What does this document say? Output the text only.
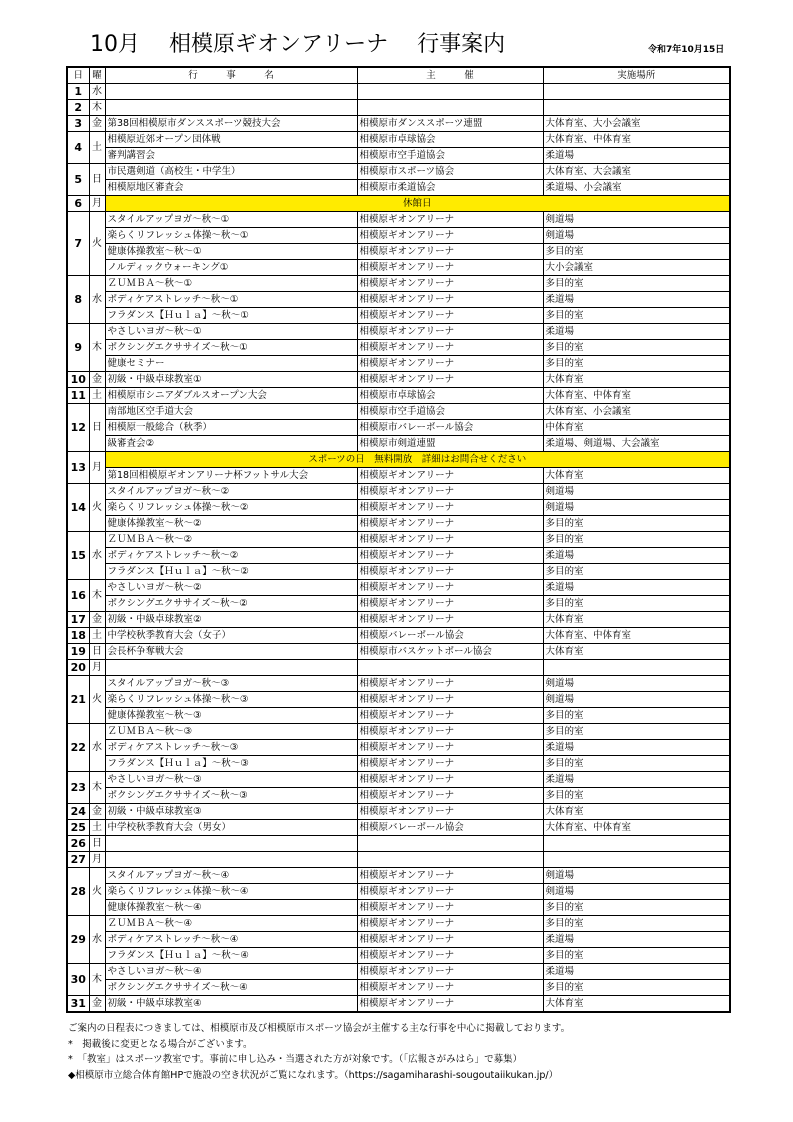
10月 相模原ギオンアリーナ 行事案内	令和7年10月15日
日	曜	行　　　事　　　名	主　　　催	実施場所
1	水			
2	木			
3	金	第38回相模原市ダンススポーツ競技大会	相模原市ダンススポーツ連盟	大体育室、大小会議室
4	土	相模原近郊オープン団体戦	相模原市卓球協会	大体育室、中体育室
		審判講習会	相模原市空手道協会	柔道場
5	日	市民選剣道（高校生・中学生）	相模原市スポーツ協会	大体育室、大会議室
		相模原地区審査会	相模原市柔道協会	柔道場、小会議室
6	月	休館日		
7	火	スタイルアップヨガ～秋～①	相模原ギオンアリーナ	剣道場
		楽らくリフレッシュ体操～秋～①	相模原ギオンアリーナ	剣道場
		健康体操教室～秋～①	相模原ギオンアリーナ	多目的室
		ノルディックウォーキング①	相模原ギオンアリーナ	大小会議室
8	水	ＺＵＭＢＡ～秋～①	相模原ギオンアリーナ	多目的室
		ボディケアストレッチ～秋～①	相模原ギオンアリーナ	柔道場
		フラダンス【Ｈｕｌａ】～秋～①	相模原ギオンアリーナ	多目的室
9	木	やさしいヨガ～秋～①	相模原ギオンアリーナ	柔道場
		ボクシングエクササイズ～秋～①	相模原ギオンアリーナ	多目的室
		健康セミナー	相模原ギオンアリーナ	多目的室
10	金	初級・中級卓球教室①	相模原ギオンアリーナ	大体育室
11	土	相模原市シニアダブルスオープン大会	相模原市卓球協会	大体育室、中体育室
12	日	南部地区空手道大会	相模原市空手道協会	大体育室、小会議室
		相模原一般総合（秋季）	相模原市バレーボール協会	中体育室
		級審査会②	相模原市剣道連盟	柔道場、剣道場、大会議室
13	月	スポーツの日　無料開放　詳細はお問合せください		
		第18回相模原ギオンアリーナ杯フットサル大会	相模原ギオンアリーナ	大体育室
14	火	スタイルアップヨガ～秋～②	相模原ギオンアリーナ	剣道場
		楽らくリフレッシュ体操～秋～②	相模原ギオンアリーナ	剣道場
		健康体操教室～秋～②	相模原ギオンアリーナ	多目的室
15	水	ＺＵＭＢＡ～秋～②	相模原ギオンアリーナ	多目的室
		ボディケアストレッチ～秋～②	相模原ギオンアリーナ	柔道場
		フラダンス【Ｈｕｌａ】～秋～②	相模原ギオンアリーナ	多目的室
16	木	やさしいヨガ～秋～②	相模原ギオンアリーナ	柔道場
		ボクシングエクササイズ～秋～②	相模原ギオンアリーナ	多目的室
17	金	初級・中級卓球教室②	相模原ギオンアリーナ	大体育室
18	土	中学校秋季教育大会（女子）	相模原バレーボール協会	大体育室、中体育室
19	日	会長杯争奪戦大会	相模原市バスケットボール協会	大体育室
20	月			
21	火	スタイルアップヨガ～秋～③	相模原ギオンアリーナ	剣道場
		楽らくリフレッシュ体操～秋～③	相模原ギオンアリーナ	剣道場
		健康体操教室～秋～③	相模原ギオンアリーナ	多目的室
22	水	ＺＵＭＢＡ～秋～③	相模原ギオンアリーナ	多目的室
		ボディケアストレッチ～秋～③	相模原ギオンアリーナ	柔道場
		フラダンス【Ｈｕｌａ】～秋～③	相模原ギオンアリーナ	多目的室
23	木	やさしいヨガ～秋～③	相模原ギオンアリーナ	柔道場
		ボクシングエクササイズ～秋～③	相模原ギオンアリーナ	多目的室
24	金	初級・中級卓球教室③	相模原ギオンアリーナ	大体育室
25	土	中学校秋季教育大会（男女）	相模原バレーボール協会	大体育室、中体育室
26	日			
27	月			
28	火	スタイルアップヨガ～秋～④	相模原ギオンアリーナ	剣道場
		楽らくリフレッシュ体操～秋～④	相模原ギオンアリーナ	剣道場
		健康体操教室～秋～④	相模原ギオンアリーナ	多目的室
29	水	ＺＵＭＢＡ～秋～④	相模原ギオンアリーナ	多目的室
		ボディケアストレッチ～秋～④	相模原ギオンアリーナ	柔道場
		フラダンス【Ｈｕｌａ】～秋～④	相模原ギオンアリーナ	多目的室
30	木	やさしいヨガ～秋～④	相模原ギオンアリーナ	柔道場
		ボクシングエクササイズ～秋～④	相模原ギオンアリーナ	多目的室
31	金	初級・中級卓球教室④	相模原ギオンアリーナ	大体育室
ご案内の日程表につきましては、相模原市及び相模原市スポーツ協会が主催する主な行事を中心に掲載しております。
*　掲載後に変更となる場合がございます。
*　「教室」はスポーツ教室です。事前に申し込み・当選された方が対象です。（「広報さがみはら」で募集）
◆相模原市立総合体育館HPで施設の空き状況がご覧になれます。（https://sagamiharashi-sougoutaiikukan.jp/）
